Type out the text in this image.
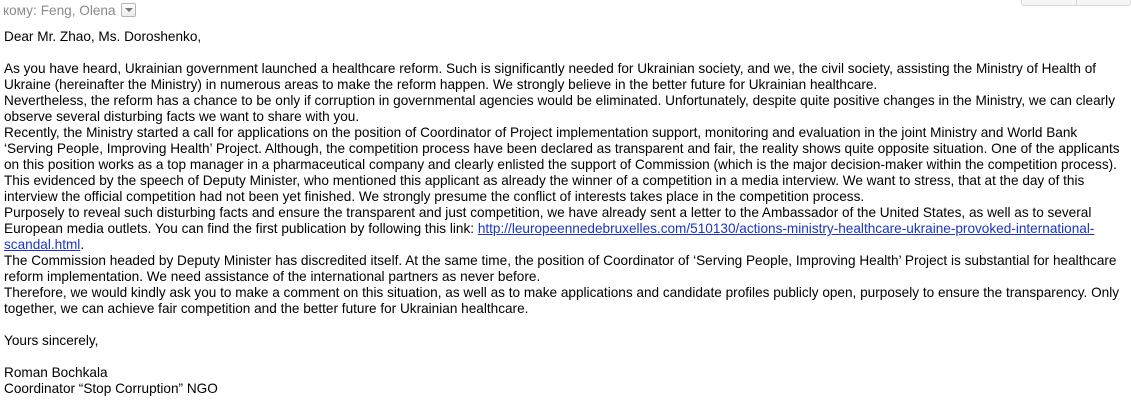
кому: Feng, Olena

Dear Mr. Zhao, Ms. Doroshenko,

As you have heard, Ukrainian government launched a healthcare reform. Such is significantly needed for Ukrainian society, and we, the civil society, assisting the Ministry of Health of Ukraine (hereinafter the Ministry) in numerous areas to make the reform happen. We strongly believe in the better future for Ukrainian healthcare.

Nevertheless, the reform has a chance to be only if corruption in governmental agencies would be eliminated. Unfortunately, despite quite positive changes in the Ministry, we can clearly observe several disturbing facts we want to share with you.

Recently, the Ministry started a call for applications on the position of Coordinator of Project implementation support, monitoring and evaluation in the joint Ministry and World Bank ‘Serving People, Improving Health’ Project. Although, the competition process have been declared as transparent and fair, the reality shows quite opposite situation. One of the applicants on this position works as a top manager in a pharmaceutical company and clearly enlisted the support of Commission (which is the major decision-maker within the competition process). This evidenced by the speech of Deputy Minister, who mentioned this applicant as already the winner of a competition in a media interview. We want to stress, that at the day of this interview the official competition had not been yet finished. We strongly presume the conflict of interests takes place in the competition process.

Purposely to reveal such disturbing facts and ensure the transparent and just competition, we have already sent a letter to the Ambassador of the United States, as well as to several European media outlets. You can find the first publication by following this link: http://leuropeennedebruxelles.com/510130/actions-ministry-healthcare-ukraine-provoked-international-scandal.html.

The Commission headed by Deputy Minister has discredited itself. At the same time, the position of Coordinator of ‘Serving People, Improving Health’ Project is substantial for healthcare reform implementation. We need assistance of the international partners as never before.

Therefore, we would kindly ask you to make a comment on this situation, as well as to make applications and candidate profiles publicly open, purposely to ensure the transparency. Only together, we can achieve fair competition and the better future for Ukrainian healthcare.

Yours sincerely,

Roman Bochkala

Coordinator “Stop Corruption” NGO
